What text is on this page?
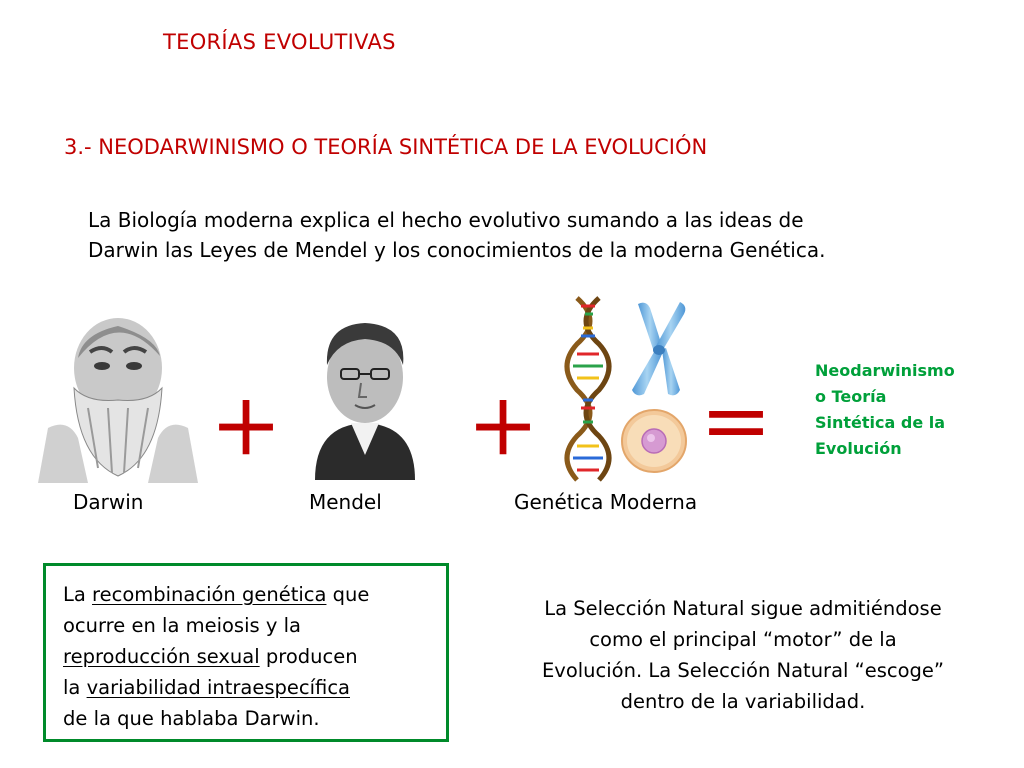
TEORÍAS EVOLUTIVAS
3.- NEODARWINISMO O TEORÍA SINTÉTICA DE LA EVOLUCIÓN
La Biología moderna explica el hecho evolutivo sumando a las ideas de
Darwin las Leyes de Mendel y los conocimientos de la moderna Genética.
+ + =
Neodarwinismo
o Teoría
Sintética de la
Evolución
Darwin	Mendel	Genética Moderna
La recombinación genética que
ocurre en la meiosis y la
reproducción sexual producen
la variabilidad intraespecífica
de la que hablaba Darwin.
La Selección Natural sigue admitiéndose
como el principal “motor” de la
Evolución. La Selección Natural “escoge”
dentro de la variabilidad.
